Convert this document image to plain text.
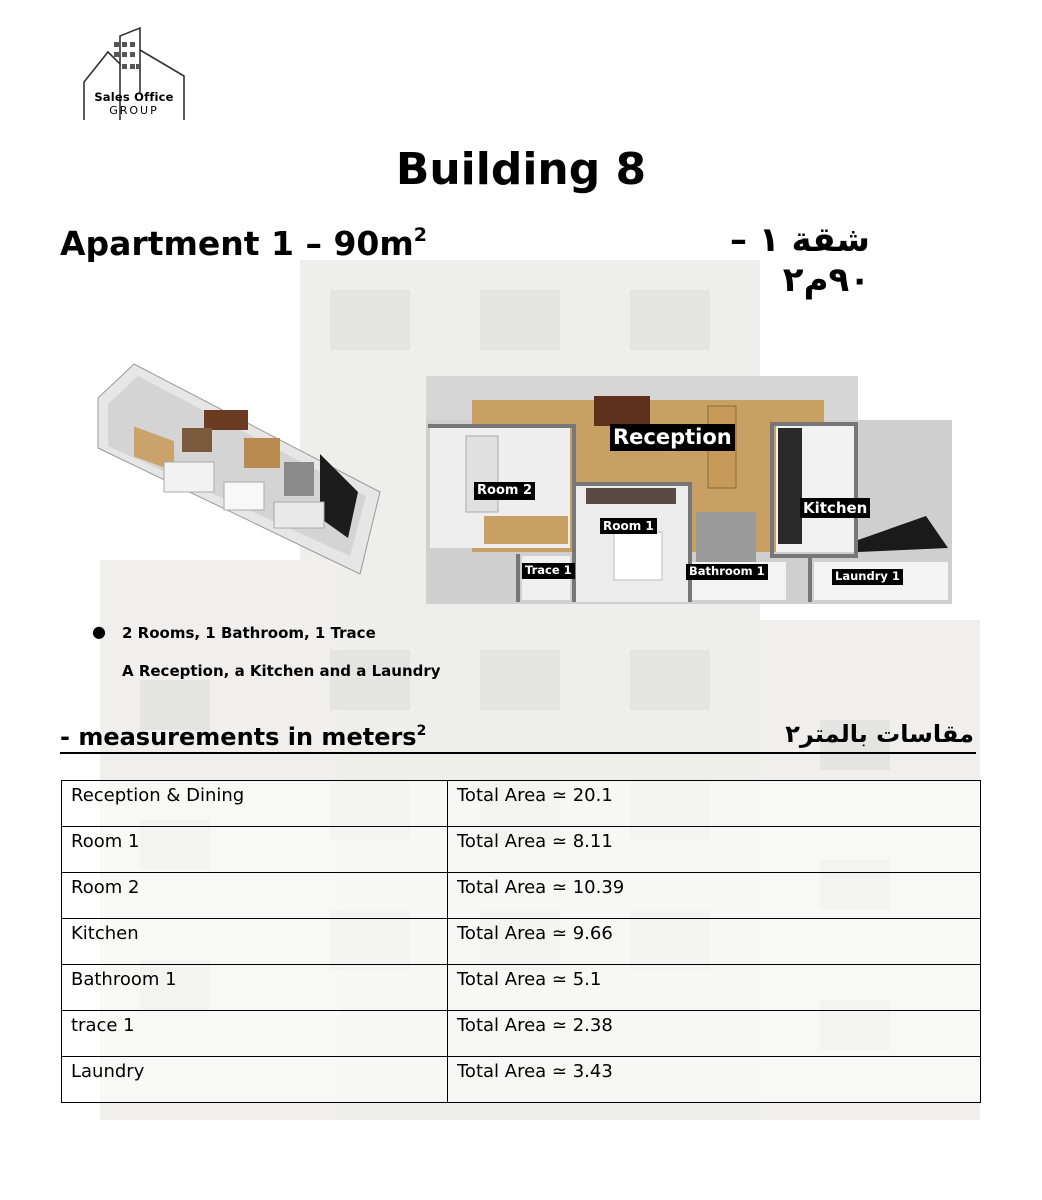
Sales Office
GROUP
Building 8
Apartment $1 - 90m^2$	شقة ١ – ٩٠م٢
Reception
Room 2
Room 1
Kitchen
Trace 1	Bathroom 1	Laundry 1
● 2 Rooms, 1 Bathroom, 1 Trace
A Reception, a Kitchen and a Laundry
- measurements in meters$^2$	مقاسات بالمتر٢
Reception & Dining	Total Area ≃ 20.1
Room 1	Total Area ≃ 8.11
Room 2	Total Area ≃ 10.39
Kitchen	Total Area ≃ 9.66
Bathroom 1	Total Area ≃ 5.1
trace 1	Total Area ≃ 2.38
Laundry	Total Area ≃ 3.43
